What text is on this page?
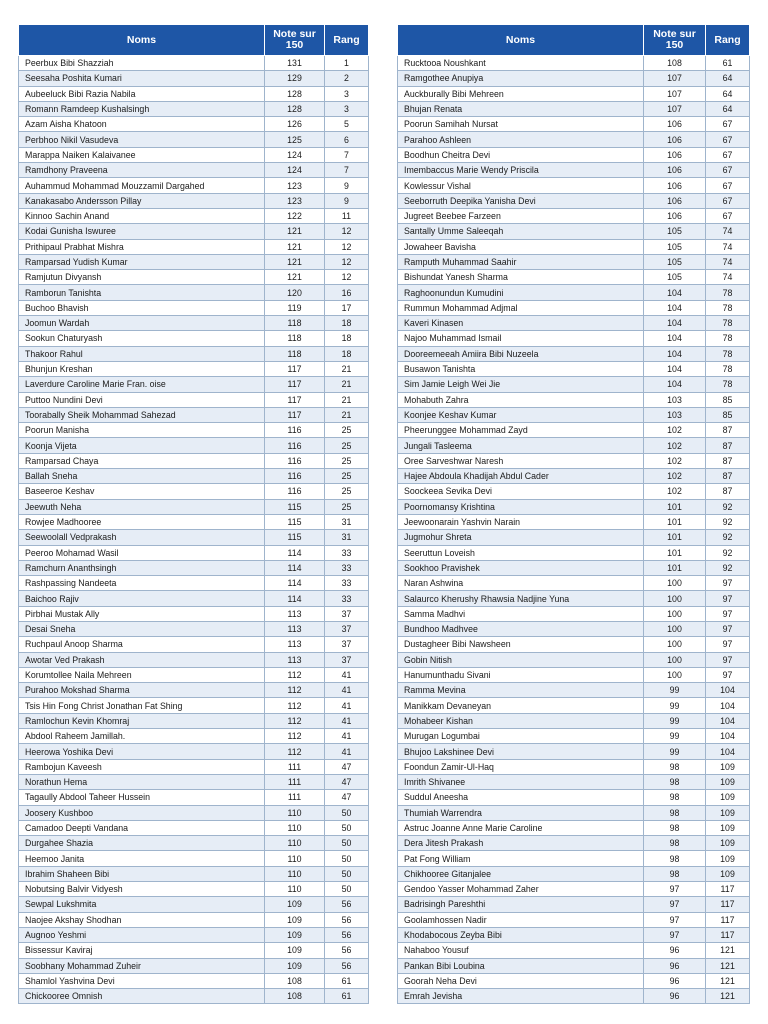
Noms	Note sur 150	Rang
Peerbux Bibi Shazziah	131	1
Seesaha Poshita Kumari	129	2
Aubeeluck Bibi Razia Nabila	128	3
Romann Ramdeep Kushalsingh	128	3
Azam Aisha Khatoon	126	5
Perbhoo Nikil Vasudeva	125	6
Marappa Naiken Kalaivanee	124	7
Ramdhony Praveena	124	7
Auhammud Mohammad Mouzzamil Dargahed	123	9
Kanakasabo Andersson Pillay	123	9
Kinnoo Sachin Anand	122	11
Kodai Gunisha Iswuree	121	12
Prithipaul Prabhat Mishra	121	12
Ramparsad Yudish Kumar	121	12
Ramjutun Divyansh	121	12
Ramborun Tanishta	120	16
Buchoo Bhavish	119	17
Joomun Wardah	118	18
Sookun Chaturyash	118	18
Thakoor Rahul	118	18
Bhunjun Kreshan	117	21
Laverdure Caroline Marie Fran. oise	117	21
Puttoo Nundini Devi	117	21
Toorabally Sheik Mohammad Sahezad	117	21
Poorun Manisha	116	25
Koonja Vijeta	116	25
Ramparsad Chaya	116	25
Ballah Sneha	116	25
Baseeroe Keshav	116	25
Jeewuth Neha	115	25
Rowjee Madhooree	115	31
Seewoolall Vedprakash	115	31
Peeroo Mohamad Wasil	114	33
Ramchurn Ananthsingh	114	33
Rashpassing Nandeeta	114	33
Baichoo Rajiv	114	33
Pirbhai Mustak Ally	113	37
Desai Sneha	113	37
Ruchpaul Anoop Sharma	113	37
Awotar Ved Prakash	113	37
Korumtollee Naila Mehreen	112	41
Purahoo Mokshad Sharma	112	41
Tsis Hin Fong Christ Jonathan Fat Shing	112	41
Ramlochun Kevin Khomraj	112	41
Abdool Raheem Jamillah.	112	41
Heerowa Yoshika Devi	112	41
Rambojun Kaveesh	111	47
Norathun Hema	111	47
Tagaully Abdool Taheer Hussein	111	47
Joosery Kushboo	110	50
Camadoo Deepti Vandana	110	50
Durgahee Shazia	110	50
Heemoo Janita	110	50
Ibrahim Shaheen Bibi	110	50
Nobutsing Balvir Vidyesh	110	50
Sewpal Lukshmita	109	56
Naojee Akshay Shodhan	109	56
Augnoo Yeshmi	109	56
Bissessur Kaviraj	109	56
Soobhany Mohammad Zuheir	109	56
Shamlol Yashvina Devi	108	61
Chickooree Omnish	108	61
Noms	Note sur 150	Rang
Rucktooa Noushkant	108	61
Ramgothee Anupiya	107	64
Auckburally Bibi Mehreen	107	64
Bhujan Renata	107	64
Poorun Samihah Nursat	106	67
Parahoo Ashleen	106	67
Boodhun Cheitra Devi	106	67
Imembaccus Marie Wendy Priscila	106	67
Kowlessur Vishal	106	67
Seeborruth Deepika Yanisha Devi	106	67
Jugreet Beebee Farzeen	106	67
Santally Umme Saleeqah	105	74
Jowaheer Bavisha	105	74
Ramputh Muhammad Saahir	105	74
Bishundat Yanesh Sharma	105	74
Raghoonundun Kumudini	104	78
Rummun Mohammad Adjmal	104	78
Kaveri Kinasen	104	78
Najoo Muhammad Ismail	104	78
Dooreemeeah Amiira Bibi Nuzeela	104	78
Busawon Tanishta	104	78
Sim Jamie Leigh Wei Jie	104	78
Mohabuth Zahra	103	85
Koonjee Keshav Kumar	103	85
Pheerunggee Mohammad Zayd	102	87
Jungali Tasleema	102	87
Oree Sarveshwar Naresh	102	87
Hajee Abdoula Khadijah Abdul Cader	102	87
Soockeea Sevika Devi	102	87
Poornomansy Krishtina	101	92
Jeewoonarain Yashvin Narain	101	92
Jugmohur Shreta	101	92
Seeruttun Loveish	101	92
Sookhoo Pravishek	101	92
Naran Ashwina	100	97
Salaurco Kherushy Rhawsia Nadjine Yuna	100	97
Samma Madhvi	100	97
Bundhoo Madhvee	100	97
Dustagheer Bibi Nawsheen	100	97
Gobin Nitish	100	97
Hanumunthadu Sivani	100	97
Ramma Mevina	99	104
Manikkam Devaneyan	99	104
Mohabeer Kishan	99	104
Murugan Logumbai	99	104
Bhujoo Lakshinee Devi	99	104
Foondun Zamir-Ul-Haq	98	109
Imrith Shivanee	98	109
Suddul Aneesha	98	109
Thumiah Warrendra	98	109
Astruc Joanne Anne Marie Caroline	98	109
Dera Jitesh Prakash	98	109
Pat Fong William	98	109
Chikhooree Gitanjalee	98	109
Gendoo Yasser Mohammad Zaher	97	117
Badrisingh Pareshthi	97	117
Goolamhossen Nadir	97	117
Khodabocous Zeyba Bibi	97	117
Nahaboo Yousuf	96	121
Pankan Bibi Loubina	96	121
Goorah Neha Devi	96	121
Emrah Jevisha	96	121
